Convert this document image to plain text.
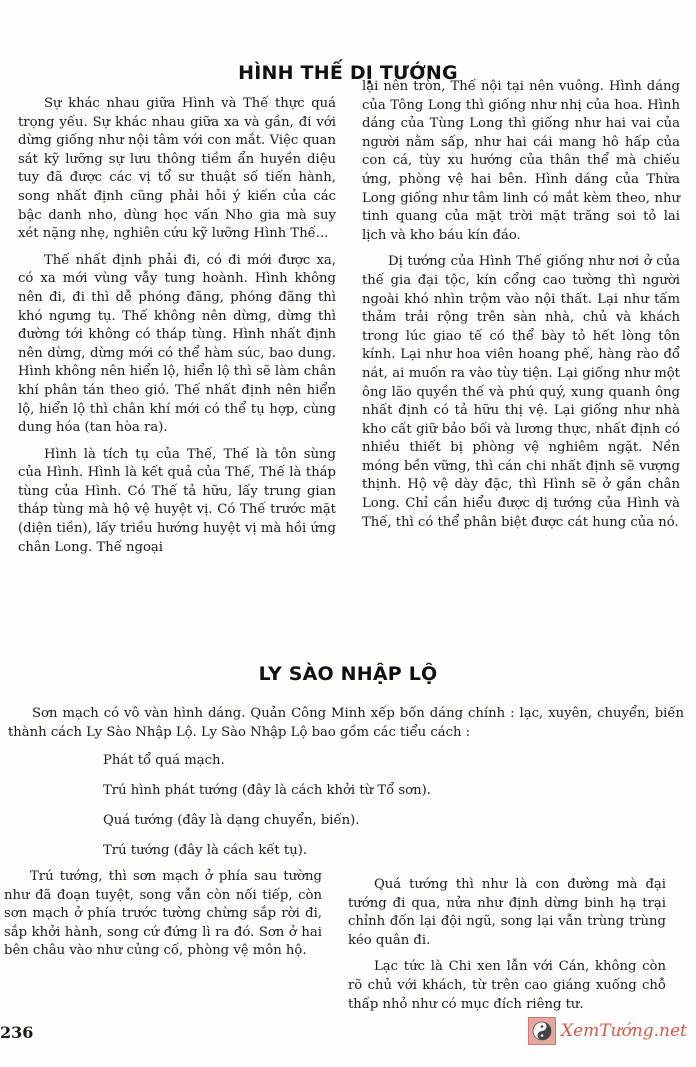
HÌNH THẾ DỊ TƯỚNG

Sự khác nhau giữa Hình và Thế thực quá trọng yếu. Sự khác nhau giữa xa và gần, đi với dừng giống như nội tâm với con mắt. Việc quan sát kỹ lưỡng sự lưu thông tiềm ẩn huyền diệu tuy đã được các vị tổ sư thuật số tiến hành, song nhất định cũng phải hỏi ý kiến của các bậc danh nho, dùng học vấn Nho gia mà suy xét nặng nhẹ, nghiên cứu kỹ lưỡng Hình Thế...

Thế nhất định phải đi, có đi mới được xa, có xa mới vùng vẫy tung hoành. Hình không nên đi, đi thì dễ phóng đãng, phóng đãng thì khó ngưng tụ. Thế không nên dừng, dừng thì đường tới không có tháp tùng. Hình nhất định nên dừng, dừng mới có thể hàm súc, bao dung. Hình không nên hiển lộ, hiển lộ thì sẽ làm chân khí phân tán theo gió. Thế nhất định nên hiển lộ, hiển lộ thì chân khí mới có thể tụ hợp, cùng dung hóa (tan hòa ra).

Hình là tích tụ của Thế, Thế là tôn sùng của Hình. Hình là kết quả của Thế, Thế là tháp tùng của Hình. Có Thế tả hữu, lấy trung gian tháp tùng mà hộ vệ huyệt vị. Có Thế trước mặt (diện tiền), lấy triều hướng huyệt vị mà hồi ứng chân Long. Thế ngoại

lại nên tròn, Thế nội tại nên vuông. Hình dáng của Tông Long thì giống như nhị của hoa. Hình dáng của Tùng Long thì giống như hai vai của người nằm sấp, như hai cái mang hô hấp của con cá, tùy xu hướng của thân thể mà chiếu ứng, phòng vệ hai bên. Hình dáng của Thừa Long giống như tâm linh có mắt kèm theo, như tinh quang của mặt trời mặt trăng soi tỏ lai lịch và kho báu kín đáo.

Dị tướng của Hình Thế giống như nơi ở của thế gia đại tộc, kín cổng cao tường thì người ngoài khó nhìn trộm vào nội thất. Lại như tấm thảm trải rộng trên sàn nhà, chủ và khách trong lúc giao tế có thể bày tỏ hết lòng tôn kính. Lại như hoa viên hoang phế, hàng rào đổ nát, ai muốn ra vào tùy tiện. Lại giống như một ông lão quyền thế và phú quý, xung quanh ông nhất định có tả hữu thị vệ. Lại giống như nhà kho cất giữ bảo bối và lương thực, nhất định có nhiều thiết bị phòng vệ nghiêm ngặt. Nền móng bền vững, thì cán chi nhất định sẽ vượng thịnh. Hộ vệ dày đặc, thì Hình sẽ ở gần chân Long. Chỉ cần hiểu được dị tướng của Hình và Thế, thì có thể phân biệt được cát hung của nó.

LY SÀO NHẬP LỘ

Sơn mạch có vô vàn hình dáng. Quản Công Minh xếp bốn dáng chính : lạc, xuyên, chuyển, biến thành cách Ly Sào Nhập Lộ. Ly Sào Nhập Lộ bao gồm các tiểu cách :

Phát tổ quá mạch.
Trú hình phát tướng (đây là cách khởi từ Tổ sơn).
Quá tướng (đây là dạng chuyển, biến).
Trú tướng (đây là cách kết tụ).

Trú tướng, thì sơn mạch ở phía sau tường như đã đoạn tuyệt, song vẫn còn nối tiếp, còn sơn mạch ở phía trước tường chừng sắp rời đi, sắp khởi hành, song cứ đứng lì ra đó. Sơn ở hai bên châu vào như củng cố, phòng vệ môn hộ.

Quá tướng thì như là con đường mà đại tướng đi qua, nửa như định dừng binh hạ trại chỉnh đốn lại đội ngũ, song lại vẫn trùng trùng kéo quân đi.

Lạc tức là Chi xen lẫn với Cán, không còn rõ chủ với khách, từ trên cao giáng xuống chỗ thấp nhỏ như có mục đích riêng tư.

236	XemTướng.net
